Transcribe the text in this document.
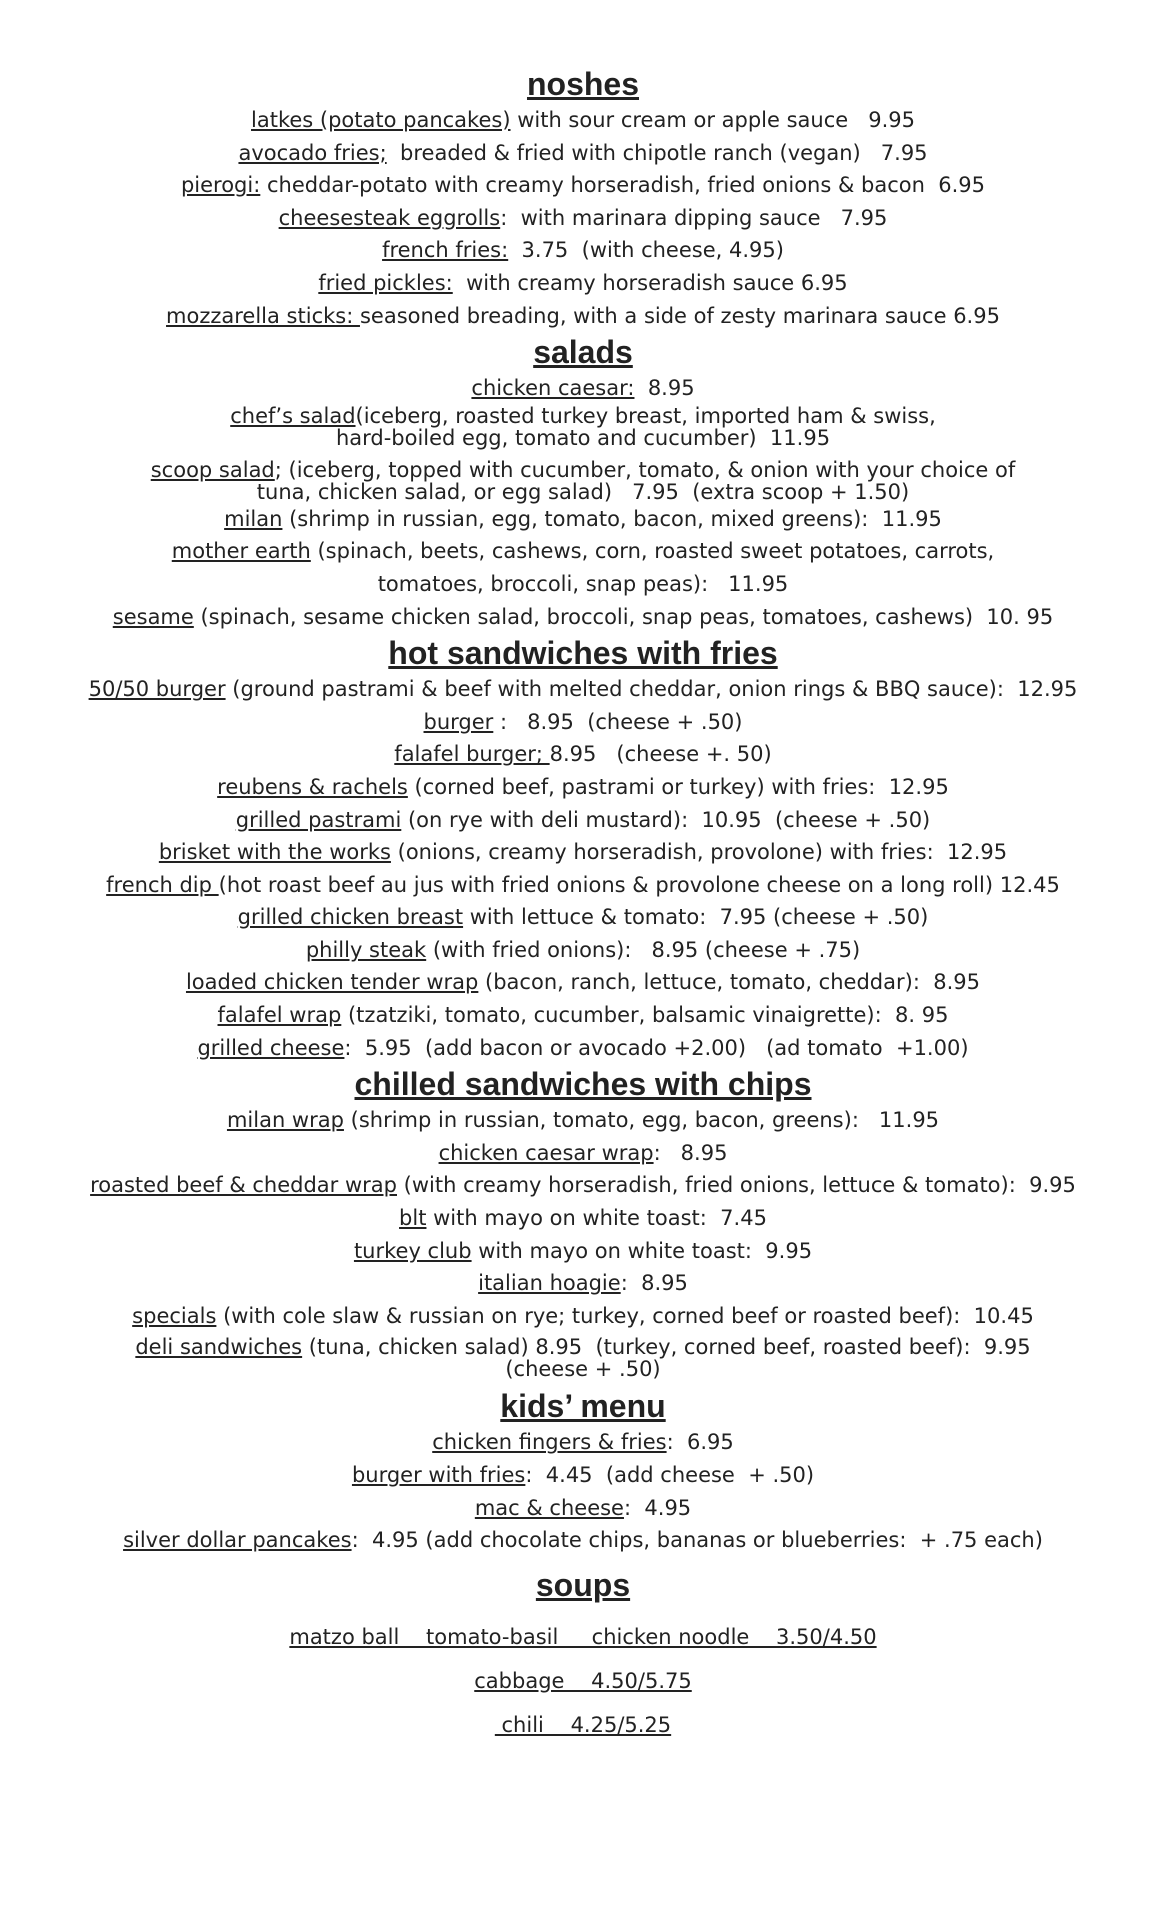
noshes

latkes (potato pancakes) with sour cream or apple sauce   9.95

avocado fries;  breaded & fried with chipotle ranch (vegan)   7.95

pierogi: cheddar-potato with creamy horseradish, fried onions & bacon  6.95

cheesesteak eggrolls:  with marinara dipping sauce   7.95

french fries:  3.75  (with cheese, 4.95)

fried pickles:  with creamy horseradish sauce 6.95

mozzarella sticks: seasoned breading, with a side of zesty marinara sauce 6.95

salads

chicken caesar:  8.95

chef’s salad(iceberg, roasted turkey breast, imported ham & swiss,
hard-boiled egg, tomato and cucumber)  11.95

scoop salad; (iceberg, topped with cucumber, tomato, & onion with your choice of
tuna, chicken salad, or egg salad)   7.95  (extra scoop + 1.50)

milan (shrimp in russian, egg, tomato, bacon, mixed greens):  11.95

mother earth (spinach, beets, cashews, corn, roasted sweet potatoes, carrots,
tomatoes, broccoli, snap peas):   11.95

sesame (spinach, sesame chicken salad, broccoli, snap peas, tomatoes, cashews)  10. 95

hot sandwiches with fries

50/50 burger (ground pastrami & beef with melted cheddar, onion rings & BBQ sauce):  12.95

burger :   8.95  (cheese + .50)

falafel burger; 8.95   (cheese +. 50)

reubens & rachels (corned beef, pastrami or turkey) with fries:  12.95

grilled pastrami (on rye with deli mustard):  10.95  (cheese + .50)

brisket with the works (onions, creamy horseradish, provolone) with fries:  12.95

french dip (hot roast beef au jus with fried onions & provolone cheese on a long roll) 12.45

grilled chicken breast with lettuce & tomato:  7.95 (cheese + .50)

philly steak (with fried onions):   8.95 (cheese + .75)

loaded chicken tender wrap (bacon, ranch, lettuce, tomato, cheddar):  8.95

falafel wrap (tzatziki, tomato, cucumber, balsamic vinaigrette):  8. 95

grilled cheese:  5.95  (add bacon or avocado +2.00)   (ad tomato  +1.00)

chilled sandwiches with chips

milan wrap (shrimp in russian, tomato, egg, bacon, greens):   11.95

chicken caesar wrap:   8.95

roasted beef & cheddar wrap (with creamy horseradish, fried onions, lettuce & tomato):  9.95

blt with mayo on white toast:  7.45

turkey club with mayo on white toast:  9.95

italian hoagie:  8.95

specials (with cole slaw & russian on rye; turkey, corned beef or roasted beef):  10.45

deli sandwiches (tuna, chicken salad) 8.95  (turkey, corned beef, roasted beef):  9.95
(cheese + .50)

kids’ menu

chicken fingers & fries:  6.95

burger with fries:  4.45  (add cheese  + .50)

mac & cheese:  4.95

silver dollar pancakes:  4.95 (add chocolate chips, bananas or blueberries:  + .75 each)

soups

matzo ball    tomato-basil     chicken noodle    3.50/4.50

cabbage    4.50/5.75

chili    4.25/5.25
